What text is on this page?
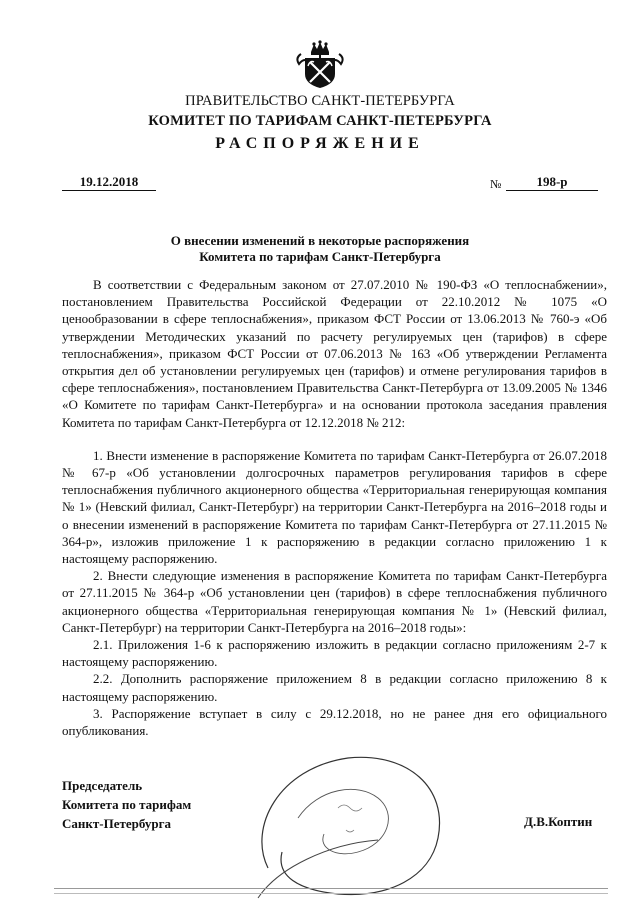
ПРАВИТЕЛЬСТВО САНКТ-ПЕТЕРБУРГА
КОМИТЕТ ПО ТАРИФАМ САНКТ-ПЕТЕРБУРГА
РАСПОРЯЖЕНИЕ
19.12.2018	№	198-р
О внесении изменений в некоторые распоряжения
Комитета по тарифам Санкт-Петербурга

В соответствии с Федеральным законом от 27.07.2010 № 190-ФЗ «О теплоснабжении», постановлением Правительства Российской Федерации от 22.10.2012 № 1075 «О ценообразовании в сфере теплоснабжения», приказом ФСТ России от 13.06.2013 № 760-э «Об утверждении Методических указаний по расчету регулируемых цен (тарифов) в сфере теплоснабжения», приказом ФСТ России от 07.06.2013 № 163 «Об утверждении Регламента открытия дел об установлении регулируемых цен (тарифов) и отмене регулирования тарифов в сфере теплоснабжения», постановлением Правительства Санкт-Петербурга от 13.09.2005 № 1346 «О Комитете по тарифам Санкт-Петербурга» и на основании протокола заседания правления Комитета по тарифам Санкт-Петербурга от 12.12.2018 № 212:

1. Внести изменение в распоряжение Комитета по тарифам Санкт-Петербурга от 26.07.2018 № 67-р «Об установлении долгосрочных параметров регулирования тарифов в сфере теплоснабжения публичного акционерного общества «Территориальная генерирующая компания № 1» (Невский филиал, Санкт-Петербург) на территории Санкт-Петербурга на 2016–2018 годы и о внесении изменений в распоряжение Комитета по тарифам Санкт-Петербурга от 27.11.2015 № 364-р», изложив приложение 1 к распоряжению в редакции согласно приложению 1 к настоящему распоряжению.

2. Внести следующие изменения в распоряжение Комитета по тарифам Санкт-Петербурга от 27.11.2015 № 364-р «Об установлении цен (тарифов) в сфере теплоснабжения публичного акционерного общества «Территориальная генерирующая компания № 1» (Невский филиал, Санкт-Петербург) на территории Санкт-Петербурга на 2016–2018 годы»:

2.1. Приложения 1-6 к распоряжению изложить в редакции согласно приложениям 2-7 к настоящему распоряжению.

2.2. Дополнить распоряжение приложением 8 в редакции согласно приложению 8 к настоящему распоряжению.

3. Распоряжение вступает в силу с 29.12.2018, но не ранее дня его официального опубликования.

Председатель
Комитета по тарифам
Санкт-Петербурга	Д.В.Коптин
